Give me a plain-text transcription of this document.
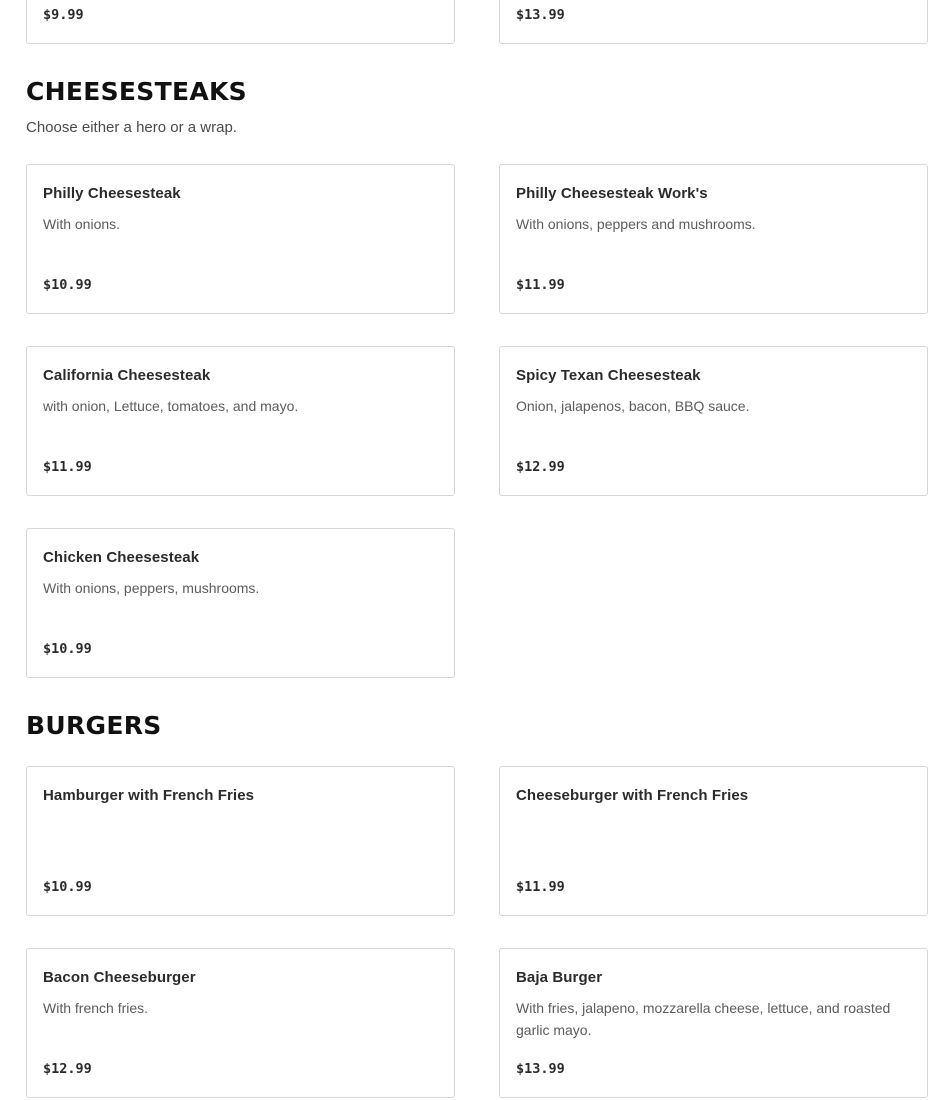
$9.99	$13.99
CHEESESTEAKS
Choose either a hero or a wrap.
Philly Cheesesteak
With onions.
$10.99
Philly Cheesesteak Work's
With onions, peppers and mushrooms.
$11.99
California Cheesesteak
with onion, Lettuce, tomatoes, and mayo.
$11.99
Spicy Texan Cheesesteak
Onion, jalapenos, bacon, BBQ sauce.
$12.99
Chicken Cheesesteak
With onions, peppers, mushrooms.
$10.99
BURGERS
Hamburger with French Fries
$10.99
Cheeseburger with French Fries
$11.99
Bacon Cheeseburger
With french fries.
$12.99
Baja Burger
With fries, jalapeno, mozzarella cheese, lettuce, and roasted garlic mayo.
$13.99
